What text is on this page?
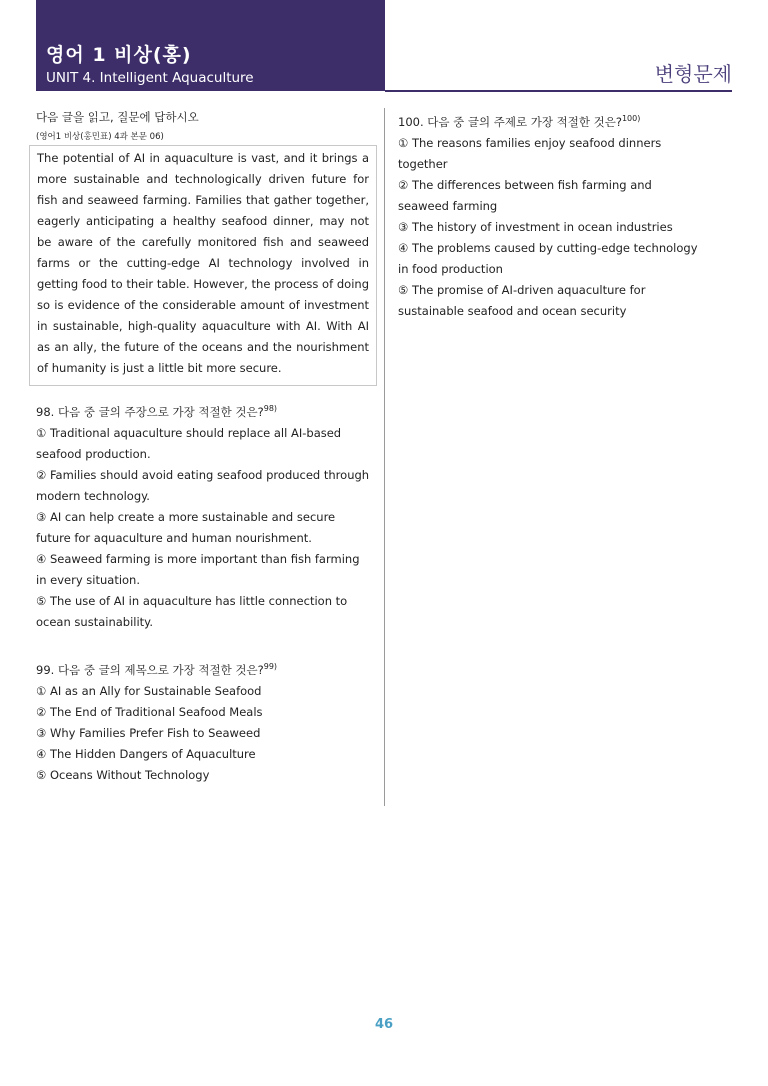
영어 1 비상(홍)
UNIT 4. Intelligent Aquaculture	변형문제
다음 글을 읽고, 질문에 답하시오
(영어1 비상(홍민표) 4과 본문 06)
The potential of AI in aquaculture is vast, and it brings a more sustainable and technologically driven future for fish and seaweed farming. Families that gather together, eagerly anticipating a healthy seafood dinner, may not be aware of the carefully monitored fish and seaweed farms or the cutting-edge AI technology involved in getting food to their table. However, the process of doing so is evidence of the considerable amount of investment in sustainable, high-quality aquaculture with AI. With AI as an ally, the future of the oceans and the nourishment of humanity is just a little bit more secure.
98. 다음 중 글의 주장으로 가장 적절한 것은?$^{98)}$
① Traditional aquaculture should replace all AI-based seafood production.
② Families should avoid eating seafood produced through modern technology.
③ AI can help create a more sustainable and secure future for aquaculture and human nourishment.
④ Seaweed farming is more important than fish farming in every situation.
⑤ The use of AI in aquaculture has little connection to ocean sustainability.
99. 다음 중 글의 제목으로 가장 적절한 것은?$^{99)}$
① AI as an Ally for Sustainable Seafood
② The End of Traditional Seafood Meals
③ Why Families Prefer Fish to Seaweed
④ The Hidden Dangers of Aquaculture
⑤ Oceans Without Technology
100. 다음 중 글의 주제로 가장 적절한 것은?$^{100)}$
① The reasons families enjoy seafood dinners together
② The differences between fish farming and seaweed farming
③ The history of investment in ocean industries
④ The problems caused by cutting-edge technology in food production
⑤ The promise of AI-driven aquaculture for sustainable seafood and ocean security
46
